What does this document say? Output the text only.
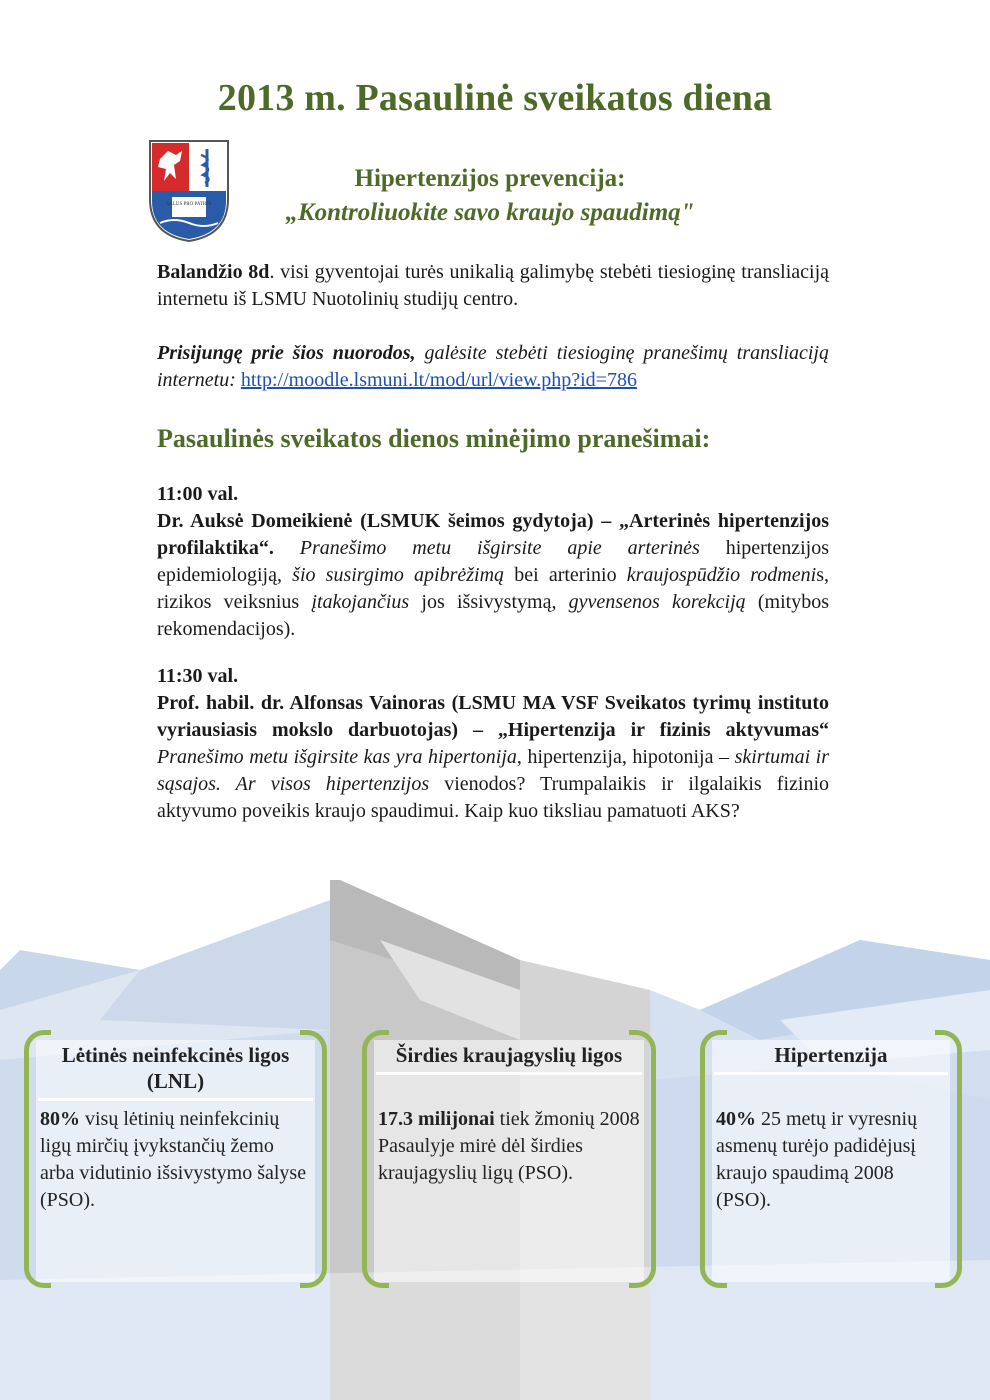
2013 m. Pasaulinė sveikatos diena
SALUS PRO PATRIA
Hipertenzijos prevencija:
„Kontroliuokite savo kraujo spaudimą"
Balandžio 8d. visi gyventojai turės unikalią galimybę stebėti tiesioginę transliaciją internetu iš LSMU Nuotolinių studijų centro.
Prisijungę prie šios nuorodos, galėsite stebėti tiesioginę pranešimų transliaciją internetu: http://moodle.lsmuni.lt/mod/url/view.php?id=786
Pasaulinės sveikatos dienos minėjimo pranešimai:
11:00 val.
Dr. Auksė Domeikienė (LSMUK šeimos gydytoja) – „Arterinės hipertenzijos profilaktika“. Pranešimo metu išgirsite apie arterinės hipertenzijos epidemiologiją, šio susirgimo apibrėžimą bei arterinio kraujospūdžio rodmenis, rizikos veiksnius įtakojančius jos išsivystymą, gyvensenos korekciją (mitybos rekomendacijos).
11:30 val.
Prof. habil. dr. Alfonsas Vainoras (LSMU MA VSF Sveikatos tyrimų instituto vyriausiasis mokslo darbuotojas) – „Hipertenzija ir fizinis aktyvumas“ Pranešimo metu išgirsite kas yra hipertonija, hipertenzija, hipotonija – skirtumai ir sąsajos. Ar visos hipertenzijos vienodos? Trumpalaikis ir ilgalaikis fizinio aktyvumo poveikis kraujo spaudimui. Kaip kuo tiksliau pamatuoti AKS?
Lėtinės neinfekcinės ligos (LNL)
80% visų lėtinių neinfekcinių ligų mirčių įvykstančių žemo arba vidutinio išsivystymo šalyse (PSO).
Širdies kraujagyslių ligos
17.3 milijonai tiek žmonių 2008 Pasaulyje mirė dėl širdies kraujagyslių ligų (PSO).
Hipertenzija
40% 25 metų ir vyresnių asmenų turėjo padidėjusį kraujo spaudimą 2008 (PSO).
